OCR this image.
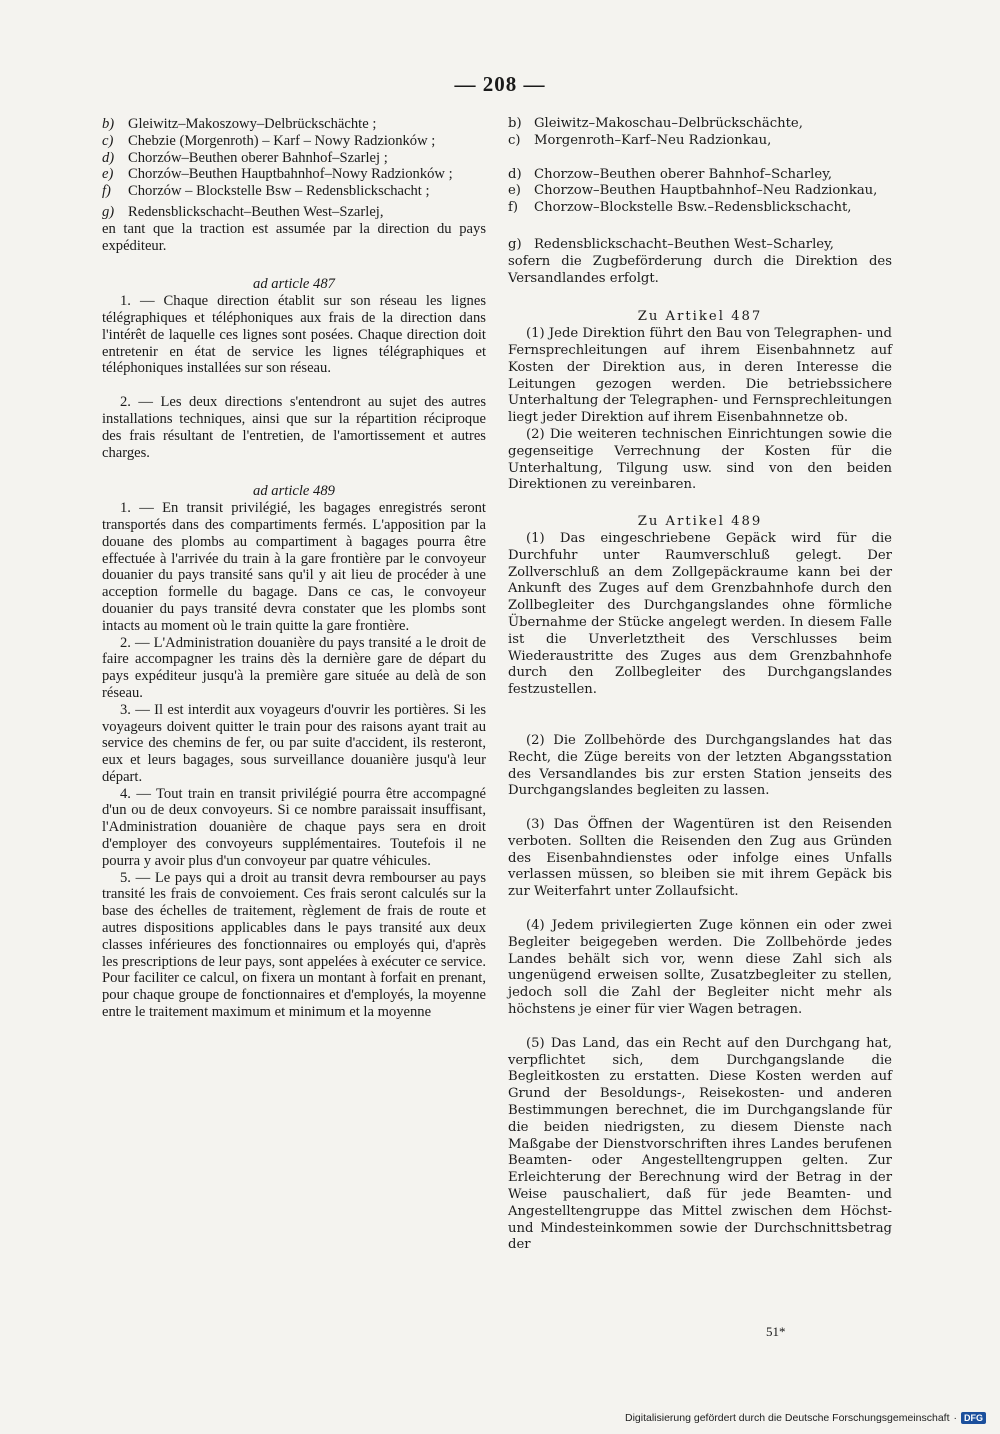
— 208 —
b) Gleiwitz–Makoszowy–Delbrückschächte ;
c)	Chebzie (Morgenroth) – Karf – Nowy Radzionków ;
d) Chorzów–Beuthen oberer Bahnhof–Szarlej ;
e)	Chorzów–Beuthen Hauptbahnhof–Nowy Radzionków ;
f)	Chorzów – Blockstelle Bsw – Redensblickschacht ;
g) Redensblickschacht–Beuthen West–Szarlej,

en tant que la traction est assumée par la direction du pays expéditeur.

ad article 487

1. — Chaque direction établit sur son réseau les lignes télégraphiques et téléphoniques aux frais de la direction dans l'intérêt de laquelle ces lignes sont posées. Chaque direction doit entretenir en état de service les lignes télégraphiques et téléphoniques installées sur son réseau.

2. — Les deux directions s'entendront au sujet des autres installations techniques, ainsi que sur la répartition réciproque des frais résultant de l'entretien, de l'amortissement et autres charges.

ad article 489

1. — En transit privilégié, les bagages enregistrés seront transportés dans des compartiments fermés. L'apposition par la douane des plombs au compartiment à bagages pourra être effectuée à l'arrivée du train à la gare frontière par le convoyeur douanier du pays transité sans qu'il y ait lieu de procéder à une acception formelle du bagage. Dans ce cas, le convoyeur douanier du pays transité devra constater que les plombs sont intacts au moment où le train quitte la gare frontière.

2. — L'Administration douanière du pays transité a le droit de faire accompagner les trains dès la dernière gare de départ du pays expéditeur jusqu'à la première gare située au delà de son réseau.

3. — Il est interdit aux voyageurs d'ouvrir les portières. Si les voyageurs doivent quitter le train pour des raisons ayant trait au service des chemins de fer, ou par suite d'accident, ils resteront, eux et leurs bagages, sous surveillance douanière jusqu'à leur départ.

4. — Tout train en transit privilégié pourra être accompagné d'un ou de deux convoyeurs. Si ce nombre paraissait insuffisant, l'Administration douanière de chaque pays sera en droit d'employer des convoyeurs supplémentaires. Toutefois il ne pourra y avoir plus d'un convoyeur par quatre véhicules.

5. — Le pays qui a droit au transit devra rembourser au pays transité les frais de convoiement. Ces frais seront calculés sur la base des échelles de traitement, règlement de frais de route et autres dispositions applicables dans le pays transité aux deux classes inférieures des fonctionnaires ou employés qui, d'après les prescriptions de leur pays, sont appelées à exécuter ce service. Pour faciliter ce calcul, on fixera un montant à forfait en prenant, pour chaque groupe de fonctionnaires et d'employés, la moyenne entre le traitement maximum et minimum et la moyenne

b) Gleiwitz–Makoschau–Delbrückschächte,
c)	Morgenroth–Karf–Neu Radzionkau,
d) Chorzow–Beuthen oberer Bahnhof–Scharley,
e) Chorzow–Beuthen Hauptbahnhof–Neu Radzionkau,
f)	Chorzow–Blockstelle Bsw.–Redensblickschacht,
g) Redensblickschacht–Beuthen West–Scharley,

sofern die Zugbeförderung durch die Direktion des Versandlandes erfolgt.

Zu Artikel 487

(1) Jede Direktion führt den Bau von Telegraphen- und Fernsprechleitungen auf ihrem Eisenbahnnetz auf Kosten der Direktion aus, in deren Interesse die Leitungen gezogen werden. Die betriebssichere Unterhaltung der Telegraphen- und Fernsprechleitungen liegt jeder Direktion auf ihrem Eisenbahnnetze ob.

(2) Die weiteren technischen Einrichtungen sowie die gegenseitige Verrechnung der Kosten für die Unterhaltung, Tilgung usw. sind von den beiden Direktionen zu vereinbaren.

Zu Artikel 489

(1) Das eingeschriebene Gepäck wird für die Durchfuhr unter Raumverschluß gelegt. Der Zollverschluß an dem Zollgepäckraume kann bei der Ankunft des Zuges auf dem Grenzbahnhofe durch den Zollbegleiter des Durchgangslandes ohne förmliche Übernahme der Stücke angelegt werden. In diesem Falle ist die Unverletztheit des Verschlusses beim Wiederaustritte des Zuges aus dem Grenzbahnhofe durch den Zollbegleiter des Durchgangslandes festzustellen.

(2) Die Zollbehörde des Durchgangslandes hat das Recht, die Züge bereits von der letzten Abgangsstation des Versandlandes bis zur ersten Station jenseits des Durchgangslandes begleiten zu lassen.

(3) Das Öffnen der Wagentüren ist den Reisenden verboten. Sollten die Reisenden den Zug aus Gründen des Eisenbahndienstes oder infolge eines Unfalls verlassen müssen, so bleiben sie mit ihrem Gepäck bis zur Weiterfahrt unter Zollaufsicht.

(4) Jedem privilegierten Zuge können ein oder zwei Begleiter beigegeben werden. Die Zollbehörde jedes Landes behält sich vor, wenn diese Zahl sich als ungenügend erweisen sollte, Zusatzbegleiter zu stellen, jedoch soll die Zahl der Begleiter nicht mehr als höchstens je einer für vier Wagen betragen.

(5) Das Land, das ein Recht auf den Durchgang hat, verpflichtet sich, dem Durchgangslande die Begleitkosten zu erstatten. Diese Kosten werden auf Grund der Besoldungs-, Reisekosten- und anderen Bestimmungen berechnet, die im Durchgangslande für die beiden niedrigsten, zu diesem Dienste nach Maßgabe der Dienstvorschriften ihres Landes berufenen Beamten- oder Angestelltengruppen gelten. Zur Erleichterung der Berechnung wird der Betrag in der Weise pauschaliert, daß für jede Beamten- und Angestelltengruppe das Mittel zwischen dem Höchst- und Mindesteinkommen sowie der Durchschnittsbetrag der

51*
Digitalisierung gefördert durch die Deutsche Forschungsgemeinschaft · DFG
